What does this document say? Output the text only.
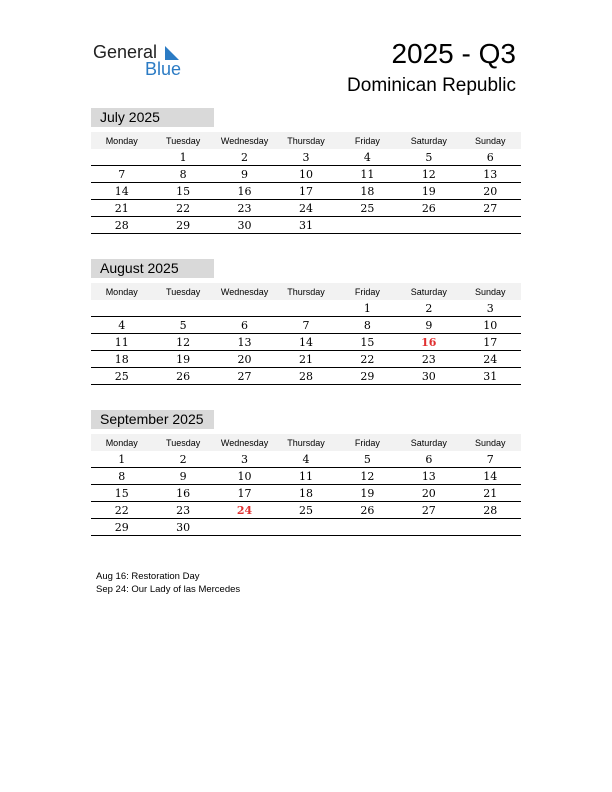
General
Blue	2025 - Q3
Dominican Republic
July 2025
Monday	Tuesday	Wednesday	Thursday	Friday	Saturday	Sunday
	1	2	3	4	5	6
7	8	9	10	11	12	13
14	15	16	17	18	19	20
21	22	23	24	25	26	27
28	29	30	31			
August 2025
Monday	Tuesday	Wednesday	Thursday	Friday	Saturday	Sunday
				1	2	3
4	5	6	7	8	9	10
11	12	13	14	15	16	17
18	19	20	21	22	23	24
25	26	27	28	29	30	31
September 2025
Monday	Tuesday	Wednesday	Thursday	Friday	Saturday	Sunday
1	2	3	4	5	6	7
8	9	10	11	12	13	14
15	16	17	18	19	20	21
22	23	24	25	26	27	28
29	30					
Aug 16: Restoration Day
Sep 24: Our Lady of las Mercedes
